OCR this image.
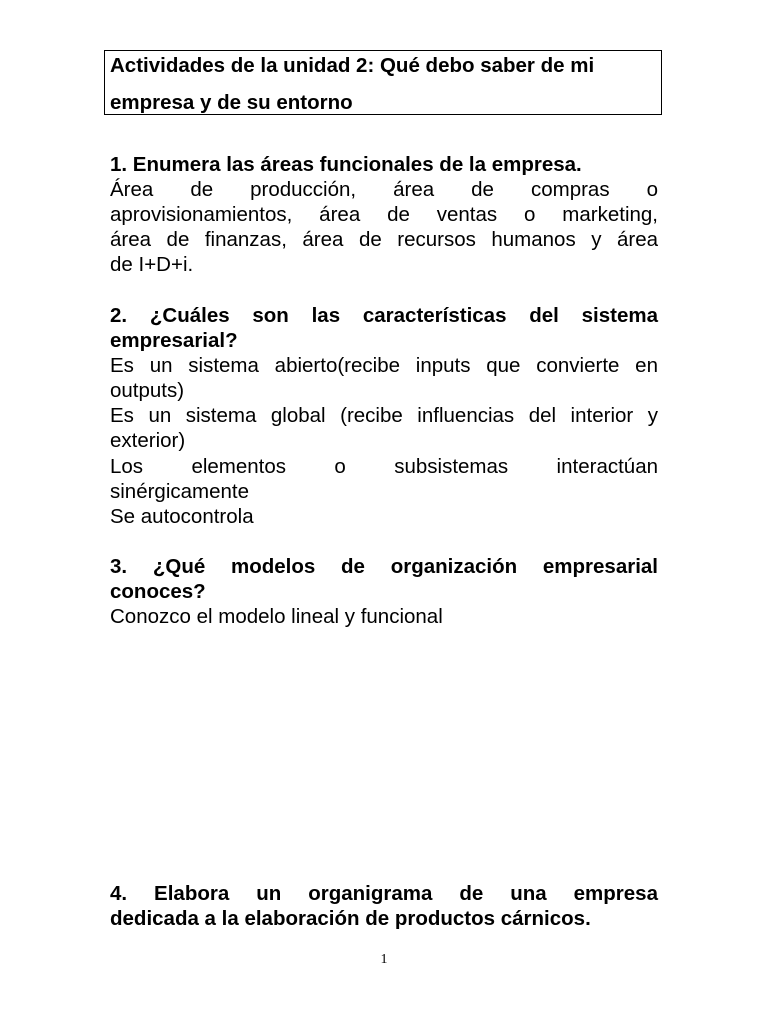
Actividades de la unidad 2: Qué debo saber de mi
empresa y de su entorno
1. Enumera las áreas funcionales de la empresa.
Área de producción, área de compras o
aprovisionamientos, área de ventas o marketing,
área de finanzas, área de recursos humanos y área
de I+D+i.
2. ¿Cuáles son las características del sistema
empresarial?
Es un sistema abierto(recibe inputs que convierte en
outputs)
Es un sistema global (recibe influencias del interior y
exterior)
Los elementos o subsistemas interactúan
sinérgicamente
Se autocontrola
3. ¿Qué modelos de organización empresarial
conoces?
Conozco el modelo lineal y funcional
4. Elabora un organigrama de una empresa
dedicada a la elaboración de productos cárnicos.
1
